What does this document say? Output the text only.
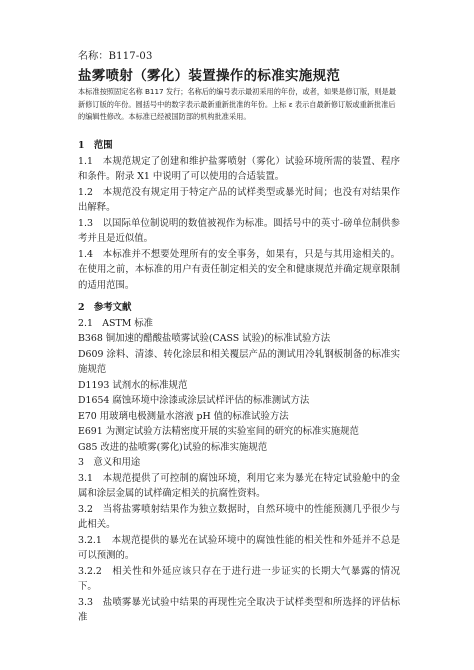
名称：B117-03
盐雾喷射（雾化）装置操作的标准实施规范
本标准按照固定名称 B117 发行；名称后的编号表示最初采用的年份，或者，如果是修订版，则是最新修订版的年份。圆括号中的数字表示最新重新批准的年份。上标 ε 表示自最新修订版或重新批准后的编辑性修改。本标准已经被国防部的机构批准采用。

1　范围

1.1　本规范规定了创建和维护盐雾喷射（雾化）试验环境所需的装置、程序和条件。附录 X1 中说明了可以使用的合适装置。

1.2　本规范没有规定用于特定产品的试样类型或暴光时间；也没有对结果作出解释。

1.3　以国际单位制说明的数值被视作为标准。圆括号中的英寸-磅单位制供参考并且是近似值。

1.4　本标准并不想要处理所有的安全事务，如果有，只是与其用途相关的。在使用之前，本标准的用户有责任制定相关的安全和健康规范并确定规章限制的适用范围。

2　参考文献

2.1　ASTM 标准

B368 铜加速的醋酸盐喷雾试验(CASS 试验)的标准试验方法

D609 涂料、清漆、转化涂层和相关覆层产品的测试用冷轧钢板制备的标准实施规范

D1193 试剂水的标准规范

D1654 腐蚀环境中涂漆或涂层试样评估的标准测试方法

E70 用玻璃电极测量水溶液 pH 值的标准试验方法

E691 为测定试验方法精密度开展的实验室间的研究的标准实施规范

G85 改进的盐喷雾(雾化)试验的标准实施规范

3　意义和用途

3.1　本规范提供了可控制的腐蚀环境，利用它来为暴光在特定试验舱中的金属和涂层金属的试样确定相关的抗腐性资料。

3.2　当将盐雾喷射结果作为独立数据时，自然环境中的性能预测几乎很少与此相关。

3.2.1　本规范提供的暴光在试验环境中的腐蚀性能的相关性和外延并不总是可以预测的。

3.2.2　相关性和外延应该只存在于进行进一步证实的长期大气暴露的情况下。

3.3　盐喷雾暴光试验中结果的再现性完全取决于试样类型和所选择的评估标准
